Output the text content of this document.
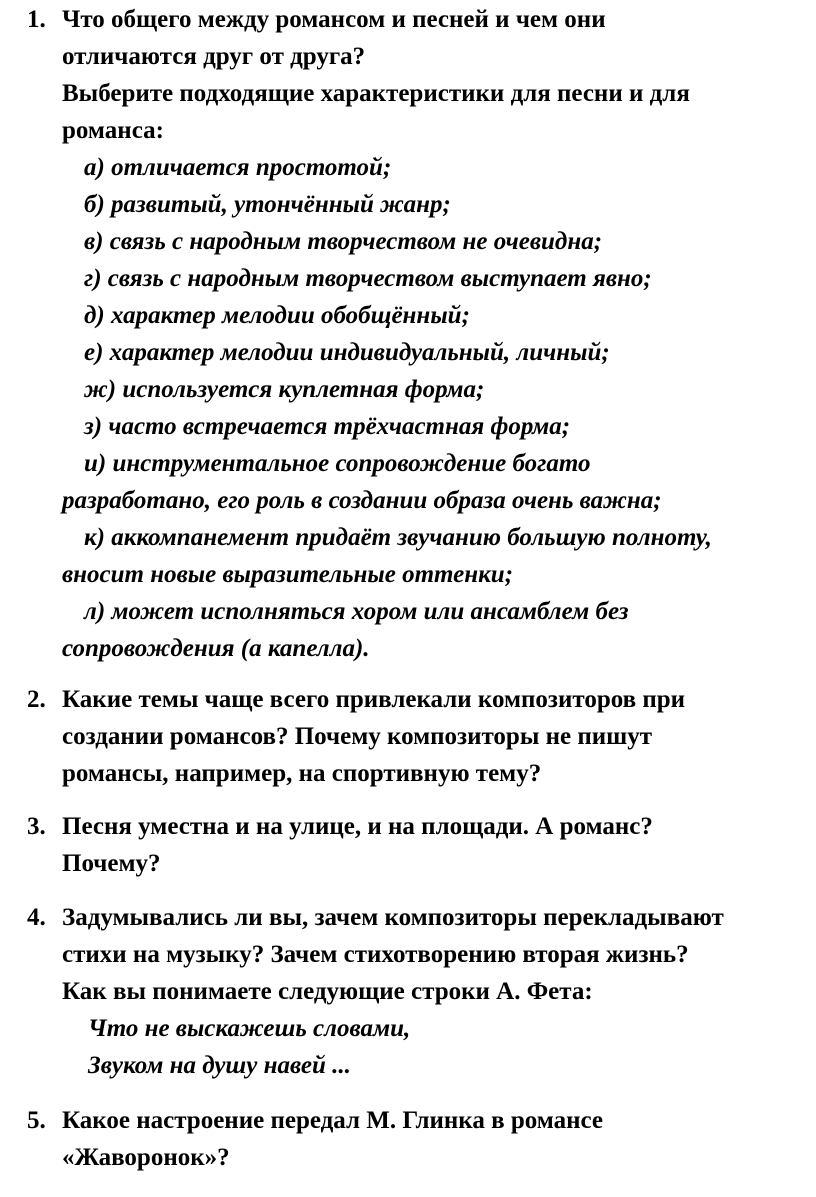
1. Что общего между романсом и песней и чем они
отличаются друг от друга?
Выберите подходящие характеристики для песни и для
романса:
а) отличается простотой;
б) развитый, утончённый жанр;
в) связь с народным творчеством не очевидна;
г) связь с народным творчеством выступает явно;
д) характер мелодии обобщённый;
е) характер мелодии индивидуальный, личный;
ж) используется куплетная форма;
з) часто встречается трёхчастная форма;
и) инструментальное сопровождение богато
разработано, его роль в создании образа очень важна;
к) аккомпанемент придаёт звучанию большую полноту,
вносит новые выразительные оттенки;
л) может исполняться хором или ансамблем без
сопровождения (а капелла).
2. Какие темы чаще всего привлекали композиторов при
создании романсов? Почему композиторы не пишут
романсы, например, на спортивную тему?
3. Песня уместна и на улице, и на площади. А романс?
Почему?
4. Задумывались ли вы, зачем композиторы перекладывают
стихи на музыку? Зачем стихотворению вторая жизнь?
Как вы понимаете следующие строки А. Фета:
Что не выскажешь словами,
Звуком на душу навей ...
5. Какое настроение передал М. Глинка в романсе
«Жаворонок»?
